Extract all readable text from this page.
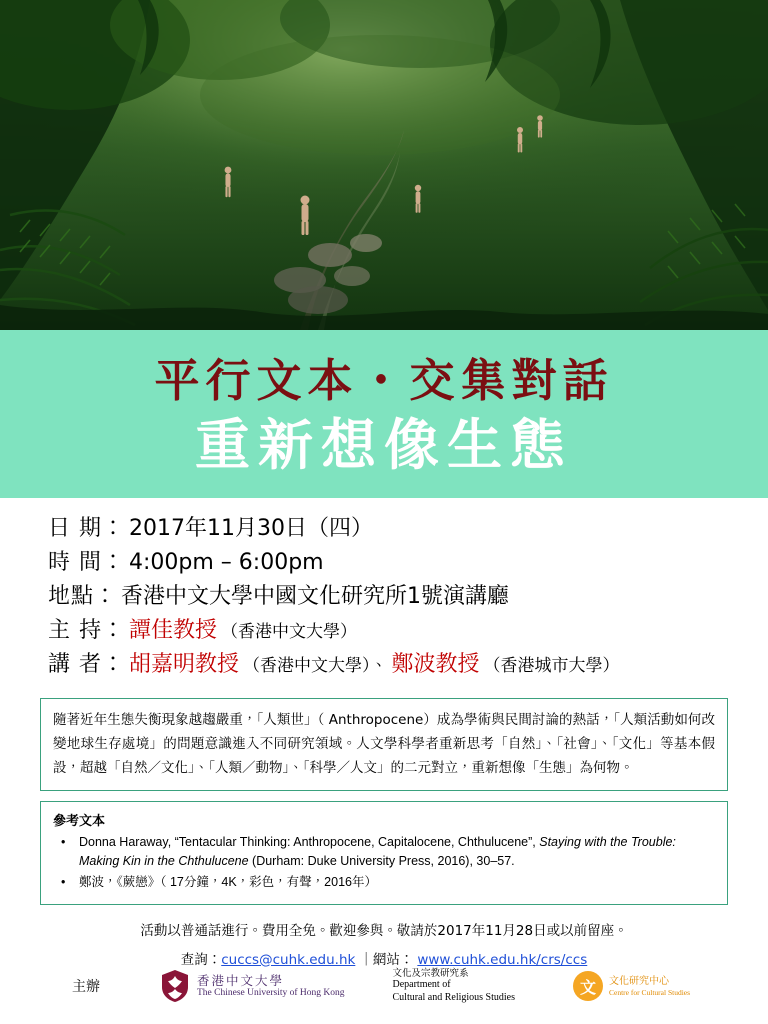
平行文本・交集對話
重新想像生態
日 期： 2017年11月30日（四）
時 間： 4:00pm – 6:00pm
地點： 香港中文大學中國文化研究所1號演講廳
主 持： 譚佳教授 （香港中文大學）
講 者： 胡嘉明教授 （香港中文大學）、 鄭波教授 （香港城市大學）
隨著近年生態失衡現象越趨嚴重，「人類世」（ Anthropocene）成為學術與民間討論的熱話，「人類活動如何改變地球生存處境」的問題意識進入不同研究領域。人文學科學者重新思考「自然」、「社會」、「文化」等基本假設，超越「自然／文化」、「人類／動物」、「科學／人文」的二元對立，重新想像「生態」為何物。
參考文本
• Donna Haraway, “Tentacular Thinking: Anthropocene, Capitalocene, Chthulucene”, Staying with the Trouble: Making Kin in the Chthulucene (Durham: Duke University Press, 2016), 30–57.
• 鄭波，《蕨戀》（ 17分鐘，4K，彩色，有聲，2016年）
活動以普通話進行。費用全免。歡迎參與。敬請於2017年11月28日或以前留座。
查詢：cuccs@cuhk.edu.hk ｜網站： www.cuhk.edu.hk/crs/ccs
主辦	香港中文大學
The Chinese University of Hong Kong
文化及宗教研究系
Department of
Cultural and Religious Studies
文	文化研究中心
Centre for Cultural Studies
